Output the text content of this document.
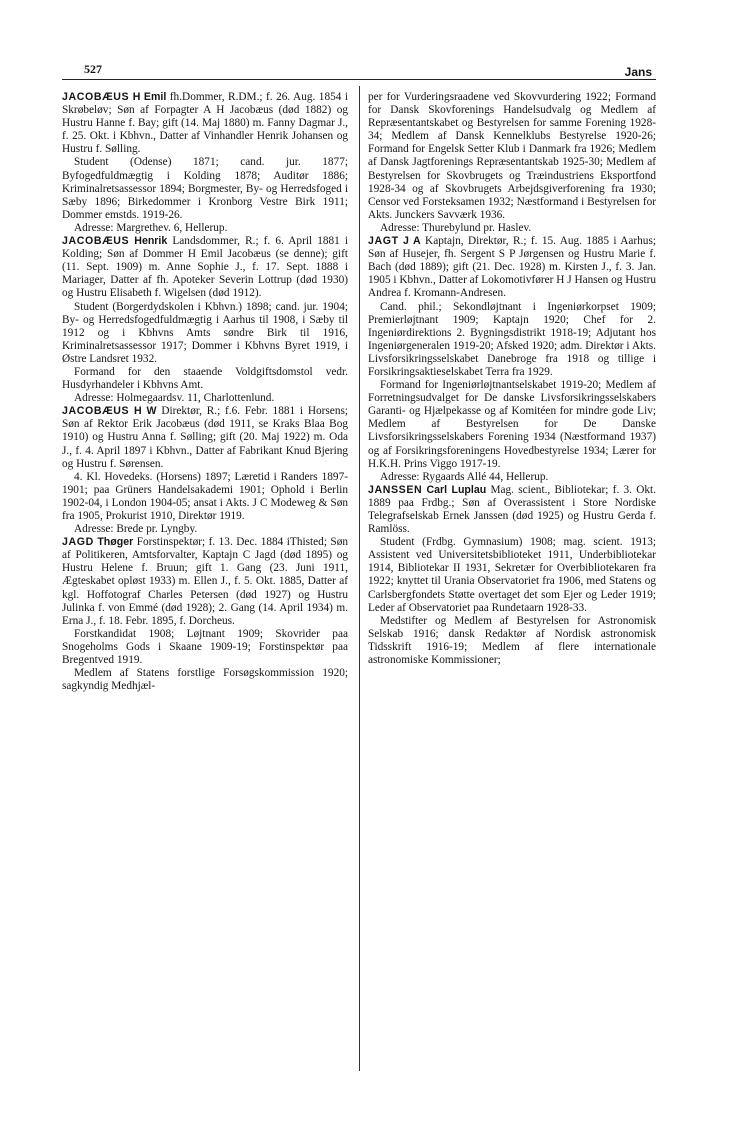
527	Jans

JACOBÆUS H Emil fh.Dommer, R.DM.; f. 26. Aug. 1854 i Skrøbeløv; Søn af Forpagter A H Jacobæus (død 1882) og Hustru Hanne f. Bay; gift (14. Maj 1880) m. Fanny Dagmar J., f. 25. Okt. i Kbhvn., Datter af Vinhandler Henrik Johansen og Hustru f. Sølling.

Student (Odense) 1871; cand. jur. 1877; Byfogedfuldmægtig i Kolding 1878; Auditør 1886; Kriminalretsassessor 1894; Borgmester, By- og Herredsfoged i Sæby 1896; Birkedommer i Kronborg Vestre Birk 1911; Dommer emstds. 1919-26.

Adresse: Margrethev. 6, Hellerup.

JACOBÆUS Henrik Landsdommer, R.; f. 6. April 1881 i Kolding; Søn af Dommer H Emil Jacobæus (se denne); gift (11. Sept. 1909) m. Anne Sophie J., f. 17. Sept. 1888 i Mariager, Datter af fh. Apoteker Severin Lottrup (død 1930) og Hustru Elisabeth f. Wigelsen (død 1912).

Student (Borgerdydskolen i Kbhvn.) 1898; cand. jur. 1904; By- og Herredsfogedfuldmægtig i Aarhus til 1908, i Sæby til 1912 og i Kbhvns Amts søndre Birk til 1916, Kriminalretsassessor 1917; Dommer i Kbhvns Byret 1919, i Østre Landsret 1932.

Formand for den staaende Voldgiftsdomstol vedr. Husdyrhandeler i Kbhvns Amt.

Adresse: Holmegaardsv. 11, Charlottenlund.

JACOBÆUS H W Direktør, R.; f.6. Febr. 1881 i Horsens; Søn af Rektor Erik Jacobæus (død 1911, se Kraks Blaa Bog 1910) og Hustru Anna f. Sølling; gift (20. Maj 1922) m. Oda J., f. 4. April 1897 i Kbhvn., Datter af Fabrikant Knud Bjering og Hustru f. Sørensen.

4. Kl. Hovedeks. (Horsens) 1897; Læretid i Randers 1897-1901; paa Grüners Handelsakademi 1901; Ophold i Berlin 1902-04, i London 1904-05; ansat i Akts. J C Modeweg & Søn fra 1905, Prokurist 1910, Direktør 1919.

Adresse: Brede pr. Lyngby.

JAGD Thøger Forstinspektør; f. 13. Dec. 1884 iThisted; Søn af Politikeren, Amtsforvalter, Kaptajn C Jagd (død 1895) og Hustru Helene f. Bruun; gift 1. Gang (23. Juni 1911, Ægteskabet opløst 1933) m. Ellen J., f. 5. Okt. 1885, Datter af kgl. Hoffotograf Charles Petersen (død 1927) og Hustru Julinka f. von Emmé (død 1928); 2. Gang (14. April 1934) m. Erna J., f. 18. Febr. 1895, f. Dorcheus.

Forstkandidat 1908; Løjtnant 1909; Skovrider paa Snogeholms Gods i Skaane 1909-19; Forstinspektør paa Bregentved 1919.

Medlem af Statens forstlige Forsøgskommission 1920; sagkyndig Medhjæl-

per for Vurderingsraadene ved Skovvurdering 1922; Formand for Dansk Skovforenings Handelsudvalg og Medlem af Repræsentantskabet og Bestyrelsen for samme Forening 1928-34; Medlem af Dansk Kennelklubs Bestyrelse 1920-26; Formand for Engelsk Setter Klub i Danmark fra 1926; Medlem af Dansk Jagtforenings Repræsentantskab 1925-30; Medlem af Bestyrelsen for Skovbrugets og Træindustriens Eksportfond 1928-34 og af Skovbrugets Arbejdsgiverforening fra 1930; Censor ved Forsteksamen 1932; Næstformand i Bestyrelsen for Akts. Junckers Savværk 1936.

Adresse: Thurebylund pr. Haslev.

JAGT J A Kaptajn, Direktør, R.; f. 15. Aug. 1885 i Aarhus; Søn af Husejer, fh. Sergent S P Jørgensen og Hustru Marie f. Bach (død 1889); gift (21. Dec. 1928) m. Kirsten J., f. 3. Jan. 1905 i Kbhvn., Datter af Lokomotivfører H J Hansen og Hustru Andrea f. Kromann-Andresen.

Cand. phil.; Sekondløjtnant i Ingeniørkorpset 1909; Premierløjtnant 1909; Kaptajn 1920; Chef for 2. Ingeniørdirektions 2. Bygningsdistrikt 1918-19; Adjutant hos Ingeniørgeneralen 1919-20; Afsked 1920; adm. Direktør i Akts. Livsforsikringsselskabet Danebroge fra 1918 og tillige i Forsikringsaktieselskabet Terra fra 1929.

Formand for Ingeniørløjtnantselskabet 1919-20; Medlem af Forretningsudvalget for De danske Livsforsikringsselskabers Garanti- og Hjælpekasse og af Komitéen for mindre gode Liv; Medlem af Bestyrelsen for De Danske Livsforsikringsselskabers Forening 1934 (Næstformand 1937) og af Forsikringsforeningens Hovedbestyrelse 1934; Lærer for H.K.H. Prins Viggo 1917-19.

Adresse: Rygaards Allé 44, Hellerup.

JANSSEN Carl Luplau Mag. scient., Bibliotekar; f. 3. Okt. 1889 paa Frdbg.; Søn af Overassistent i Store Nordiske Telegrafselskab Ernek Janssen (død 1925) og Hustru Gerda f. Ramlöss.

Student (Frdbg. Gymnasium) 1908; mag. scient. 1913; Assistent ved Universitetsbiblioteket 1911, Underbibliotekar 1914, Bibliotekar II 1931, Sekretær for Overbibliotekaren fra 1922; knyttet til Urania Observatoriet fra 1906, med Statens og Carlsbergfondets Støtte overtaget det som Ejer og Leder 1919; Leder af Observatoriet paa Rundetaarn 1928-33.

Medstifter og Medlem af Bestyrelsen for Astronomisk Selskab 1916; dansk Redaktør af Nordisk astronomisk Tidsskrift 1916-19; Medlem af flere internationale astronomiske Kommissioner;
